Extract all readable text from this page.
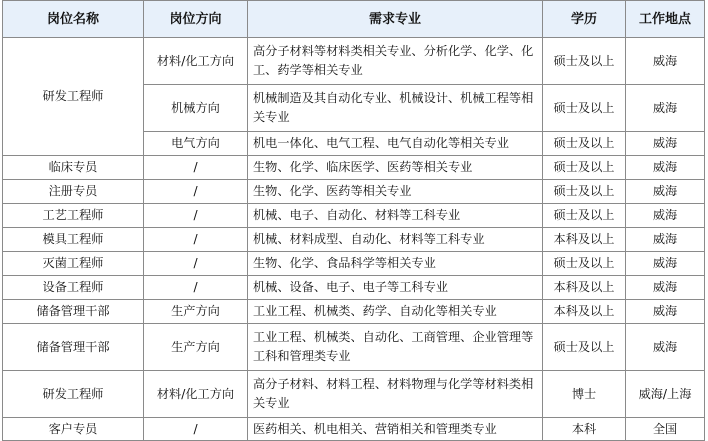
岗位名称	岗位方向	需求专业	学历	工作地点
研发工程师	材料/化工方向	高分子材料等材料类相关专业、分析化学、化学、化工、药学等相关专业	硕士及以上	威海
	机械方向	机械制造及其自动化专业、机械设计、机械工程等相关专业	硕士及以上	威海
	电气方向	机电一体化、电气工程、电气自动化等相关专业	硕士及以上	威海
临床专员	/	生物、化学、临床医学、医药等相关专业	硕士及以上	威海
注册专员	/	生物、化学、医药等相关专业	硕士及以上	威海
工艺工程师	/	机械、电子、自动化、材料等工科专业	硕士及以上	威海
模具工程师	/	机械、材料成型、自动化、材料等工科专业	本科及以上	威海
灭菌工程师	/	生物、化学、食品科学等相关专业	硕士及以上	威海
设备工程师	/	机械、设备、电子、电子等工科专业	本科及以上	威海
储备管理干部	生产方向	工业工程、机械类、药学、自动化等相关专业	本科及以上	威海
储备管理干部	生产方向	工业工程、机械类、自动化、工商管理、企业管理等工科和管理类专业	硕士及以上	威海
研发工程师	材料/化工方向	高分子材料、材料工程、材料物理与化学等材料类相关专业	博士	威海/上海
客户专员	/	医药相关、机电相关、营销相关和管理类专业	本科	全国
